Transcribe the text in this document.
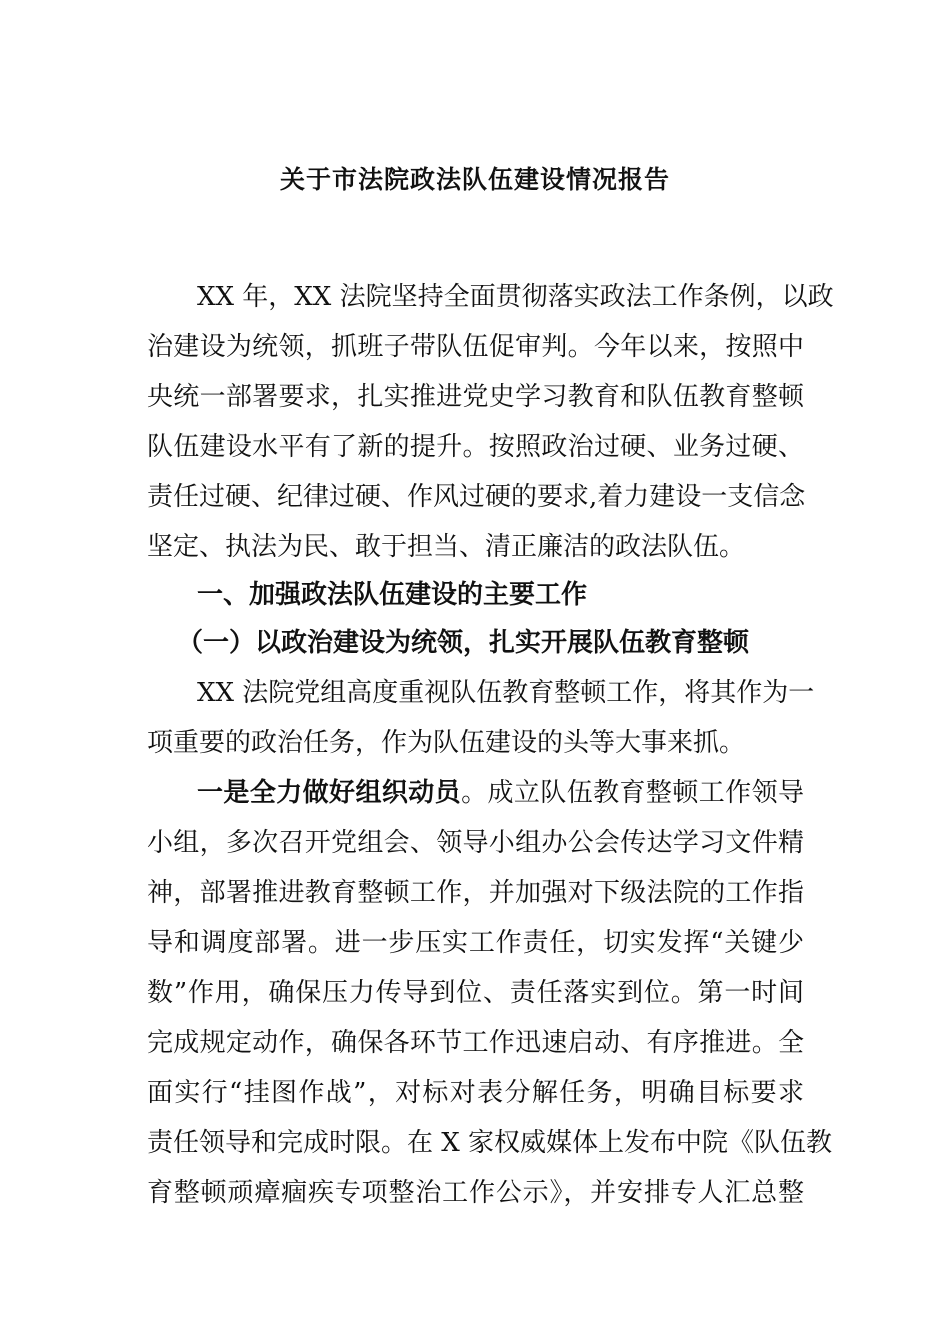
关于市法院政法队伍建设情况报告
XX 年，XX 法院坚持全面贯彻落实政法工作条例，以政
治建设为统领，抓班子带队伍促审判。今年以来，按照中
央统一部署要求，扎实推进党史学习教育和队伍教育整顿
队伍建设水平有了新的提升。按照政治过硬、业务过硬、
责任过硬、纪律过硬、作风过硬的要求,着力建设一支信念
坚定、执法为民、敢于担当、清正廉洁的政法队伍。
一、加强政法队伍建设的主要工作
（一）以政治建设为统领，扎实开展队伍教育整顿
XX 法院党组高度重视队伍教育整顿工作，将其作为一
项重要的政治任务，作为队伍建设的头等大事来抓。
一是全力做好组织动员。成立队伍教育整顿工作领导
小组，多次召开党组会、领导小组办公会传达学习文件精
神，部署推进教育整顿工作，并加强对下级法院的工作指
导和调度部署。进一步压实工作责任，切实发挥“关键少
数”作用，确保压力传导到位、责任落实到位。第一时间
完成规定动作，确保各环节工作迅速启动、有序推进。全
面实行“挂图作战”，对标对表分解任务，明确目标要求
责任领导和完成时限。在 X 家权威媒体上发布中院《队伍教
育整顿顽瘴痼疾专项整治工作公示》，并安排专人汇总整
